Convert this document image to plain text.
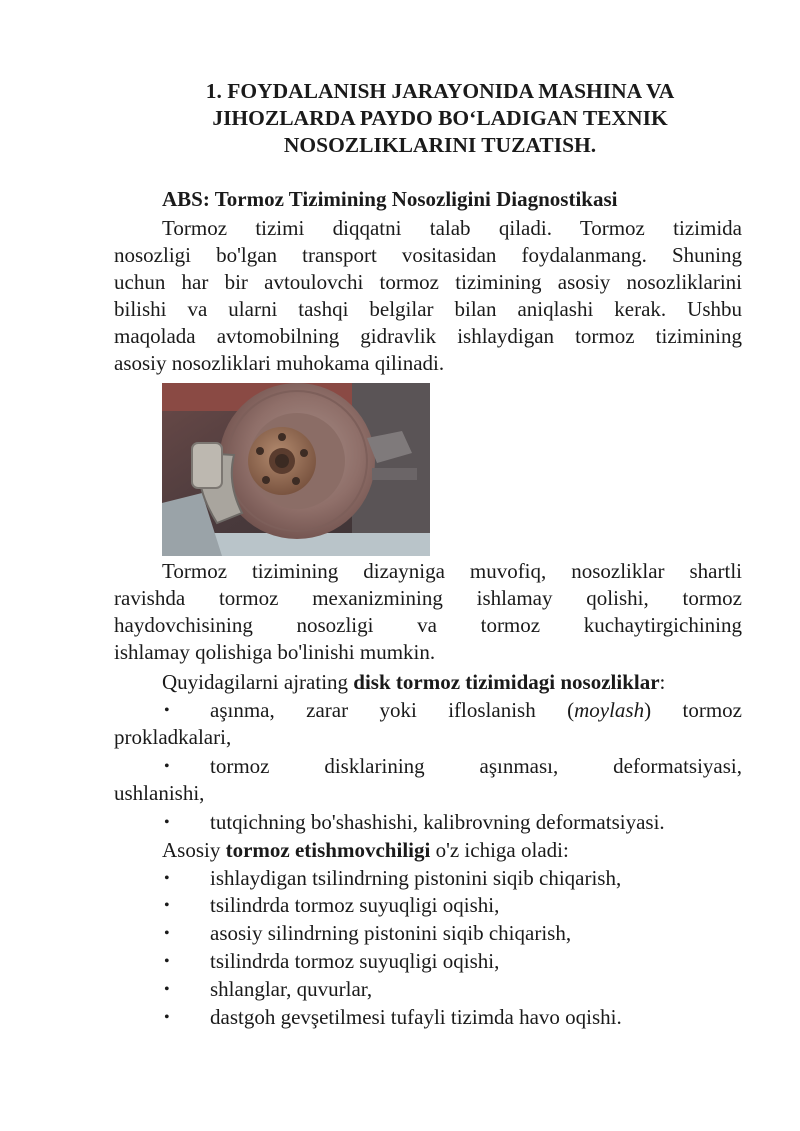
1. FOYDALANISH JARAYONIDA MASHINA VA
JIHOZLARDA PAYDO BO‘LADIGAN TEXNIK
NOSOZLIKLARINI TUZATISH.
ABS: Tormoz Tizimining Nosozligini Diagnostikasi
Tormoz tizimi diqqatni talab qiladi. Tormoz tizimida
nosozligi bo'lgan transport vositasidan foydalanmang. Shuning
uchun har bir avtoulovchi tormoz tizimining asosiy nosozliklarini
bilishi va ularni tashqi belgilar bilan aniqlashi kerak. Ushbu
maqolada avtomobilning gidravlik ishlaydigan tormoz tizimining
asosiy nosozliklari muhokama qilinadi.
Tormoz tizimining dizayniga muvofiq, nosozliklar shartli
ravishda tormoz mexanizmining ishlamay qolishi, tormoz
haydovchisining nosozligi va tormoz kuchaytirgichining
ishlamay qolishiga bo'linishi mumkin.
Quyidagilarni ajrating disk tormoz tizimidagi nosozliklar:
•	aşınma, zarar yoki ifloslanish (moylash) tormoz
prokladkalari,
•	tormoz disklarining aşınması, deformatsiyasi,
ushlanishi,
• tutqichning bo'shashishi, kalibrovning deformatsiyasi.
Asosiy tormoz etishmovchiligi o'z ichiga oladi:
• ishlaydigan tsilindrning pistonini siqib chiqarish,
• tsilindrda tormoz suyuqligi oqishi,
• asosiy silindrning pistonini siqib chiqarish,
• tsilindrda tormoz suyuqligi oqishi,
• shlanglar, quvurlar,
• dastgoh gevşetilmesi tufayli tizimda havo oqishi.
